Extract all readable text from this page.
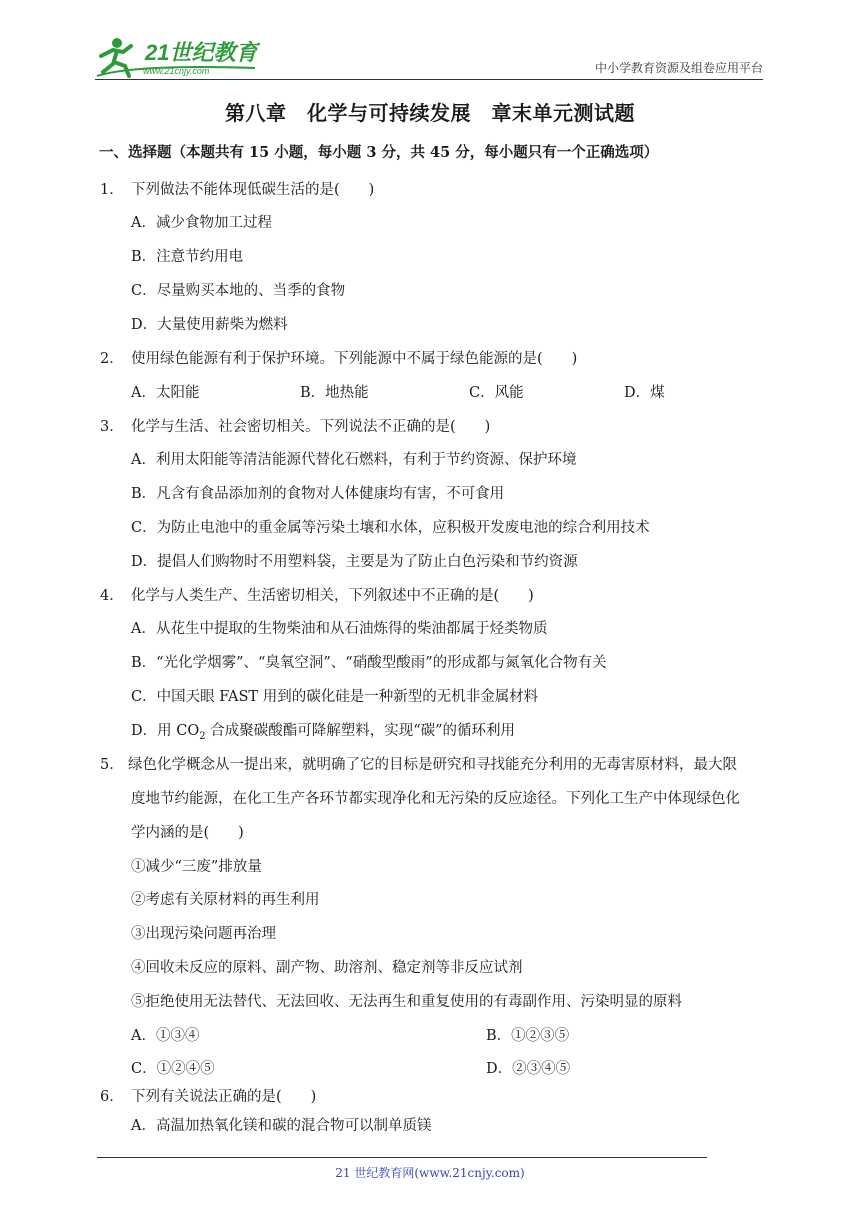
21世纪教育
www.21cnjy.com	中小学教育资源及组卷应用平台
第八章　化学与可持续发展　章末单元测试题
一、选择题（本题共有 15 小题，每小题 3 分，共 45 分，每小题只有一个正确选项）
1． 下列做法不能体现低碳生活的是(　　)
A．减少食物加工过程
B．注意节约用电
C．尽量购买本地的、当季的食物
D．大量使用薪柴为燃料
2． 使用绿色能源有利于保护环境。下列能源中不属于绿色能源的是(　　)
A．太阳能	B．地热能	C．风能	D．煤
3． 化学与生活、社会密切相关。下列说法不正确的是(　　)
A．利用太阳能等清洁能源代替化石燃料，有利于节约资源、保护环境
B．凡含有食品添加剂的食物对人体健康均有害，不可食用
C．为防止电池中的重金属等污染土壤和水体，应积极开发废电池的综合利用技术
D．提倡人们购物时不用塑料袋，主要是为了防止白色污染和节约资源
4． 化学与人类生产、生活密切相关，下列叙述中不正确的是(　　)
A．从花生中提取的生物柴油和从石油炼得的柴油都属于烃类物质
B．“光化学烟雾”、“臭氧空洞”、“硝酸型酸雨”的形成都与氮氧化合物有关
C．中国天眼 FAST 用到的碳化硅是一种新型的无机非金属材料
D．用 $CO_2$ 合成聚碳酸酯可降解塑料，实现“碳”的循环利用
5． 绿色化学概念从一提出来，就明确了它的目标是研究和寻找能充分利用的无毒害原材料，最大限
度地节约能源，在化工生产各环节都实现净化和无污染的反应途径。下列化工生产中体现绿色化
学内涵的是(　　)
①减少“三废”排放量
②考虑有关原材料的再生利用
③出现污染问题再治理
④回收未反应的原料、副产物、助溶剂、稳定剂等非反应试剂
⑤拒绝使用无法替代、无法回收、无法再生和重复使用的有毒副作用、污染明显的原料
A．①③④	B．①②③⑤
C．①②④⑤	D．②③④⑤
6． 下列有关说法正确的是(　　)
A．高温加热氧化镁和碳的混合物可以制单质镁
21 世纪教育网(www.21cnjy.com)
